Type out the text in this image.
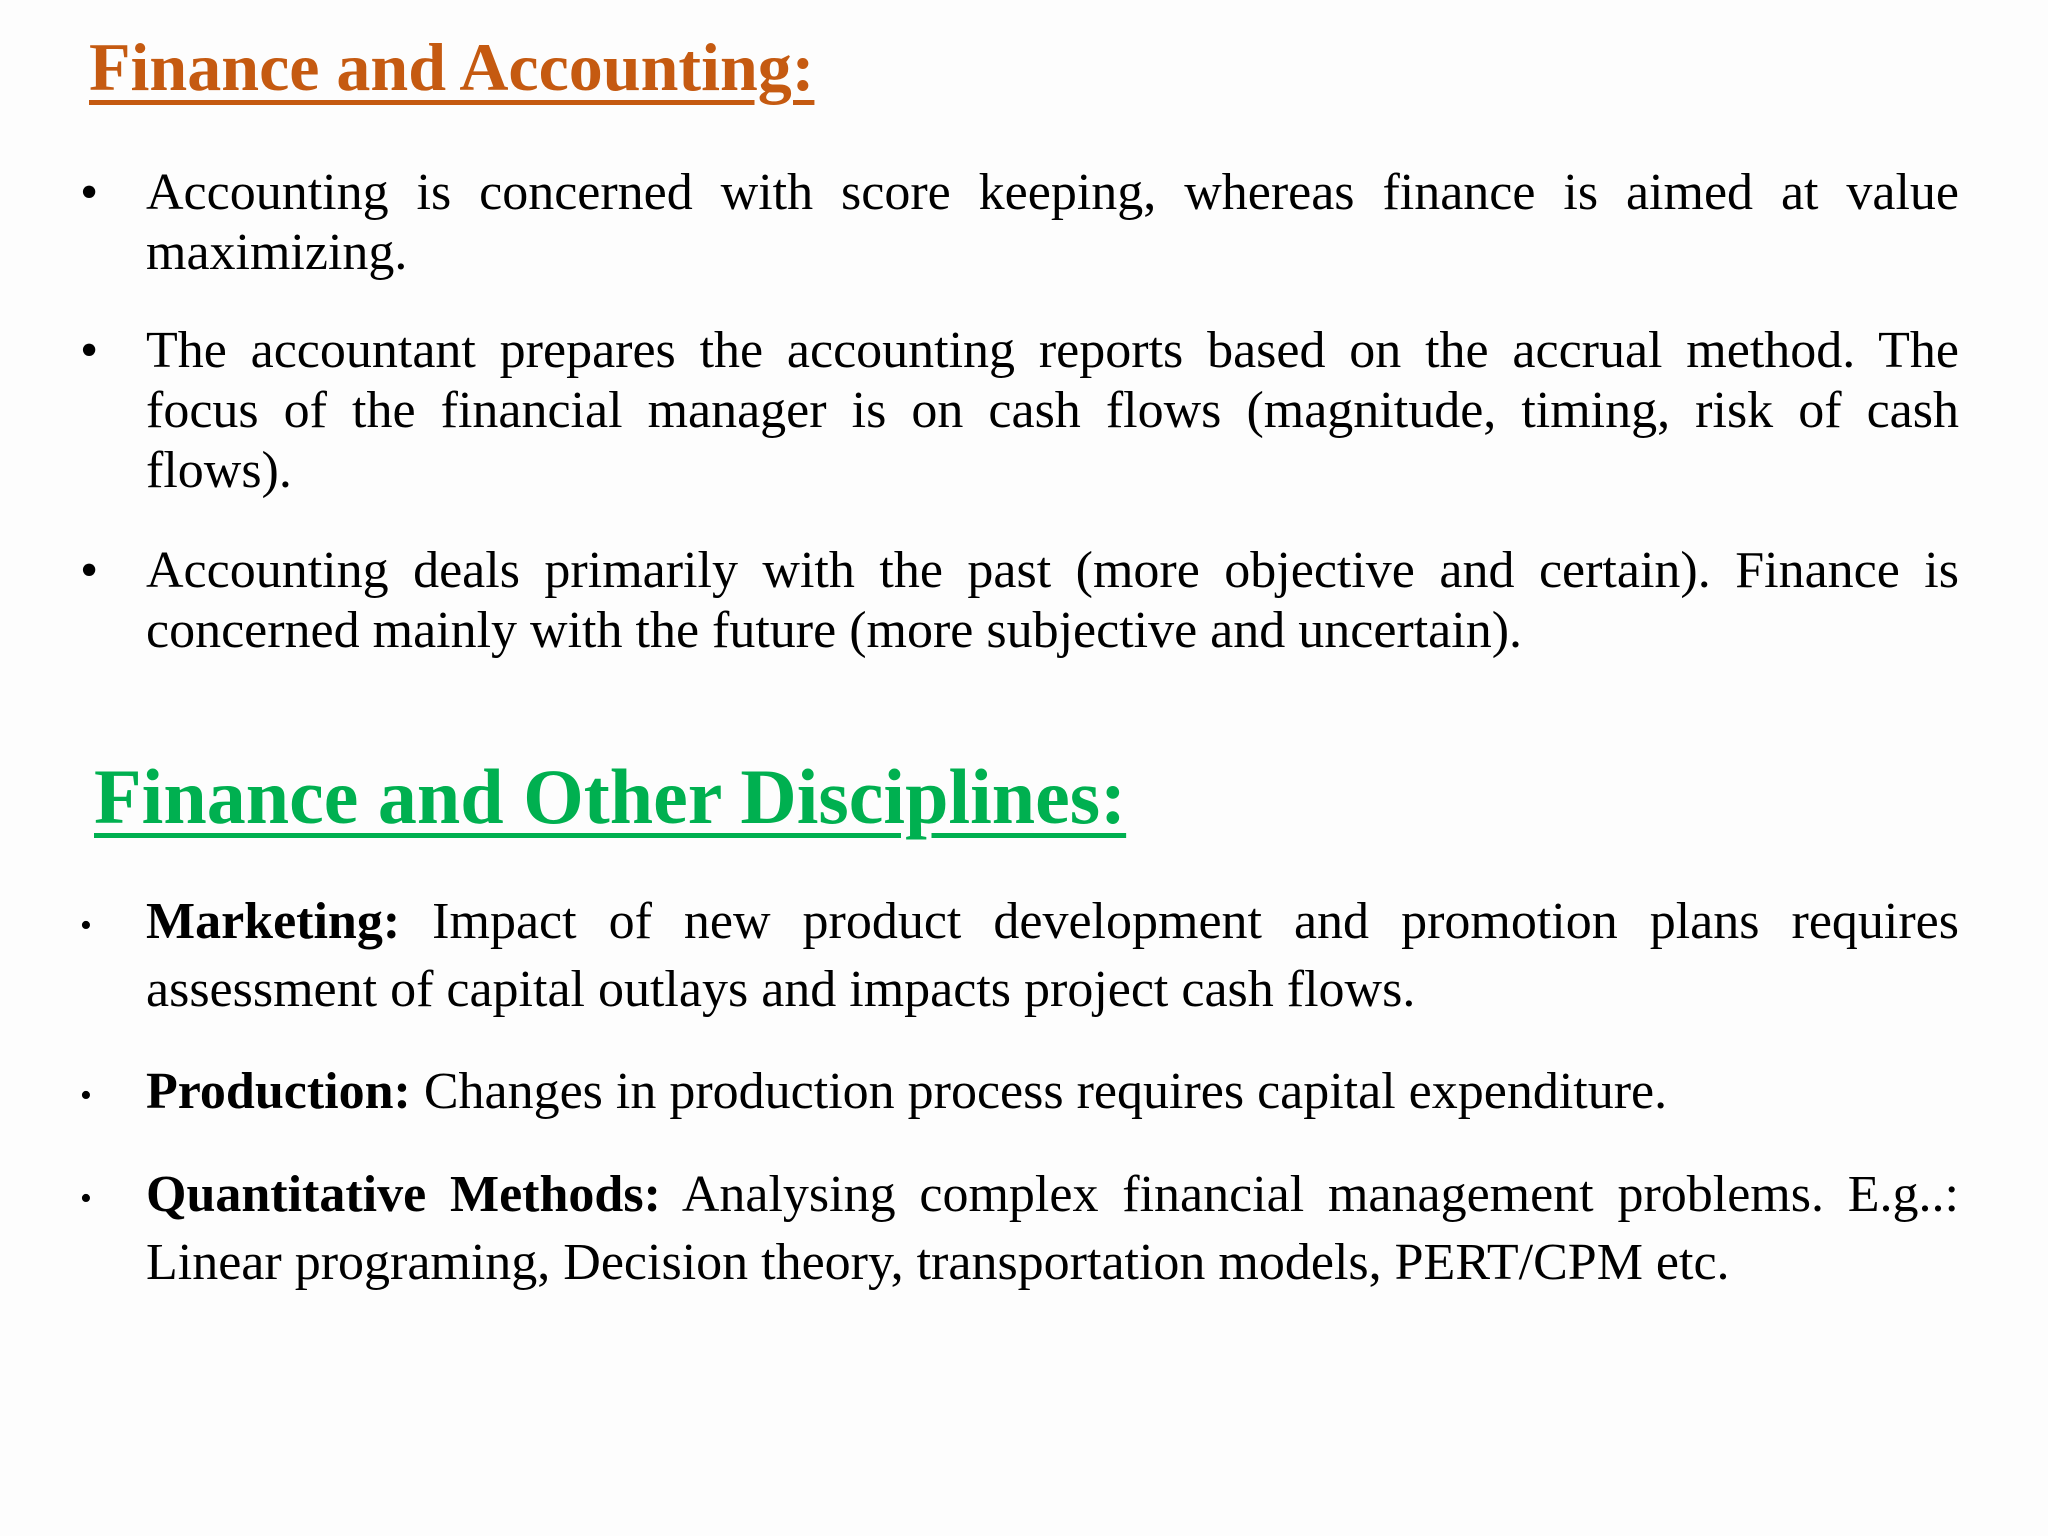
Finance and Accounting:
• Accounting is concerned with score keeping, whereas finance is aimed at value maximizing.
• The accountant prepares the accounting reports based on the accrual method. The focus of the financial manager is on cash flows (magnitude, timing, risk of cash flows).
• Accounting deals primarily with the past (more objective and certain). Finance is concerned mainly with the future (more subjective and uncertain).
Finance and Other Disciplines:
• Marketing: Impact of new product development and promotion plans requires assessment of capital outlays and impacts project cash flows.
• Production: Changes in production process requires capital expenditure.
• Quantitative Methods: Analysing complex financial management problems. E.g..: Linear programing, Decision theory, transportation models, PERT/CPM etc.
